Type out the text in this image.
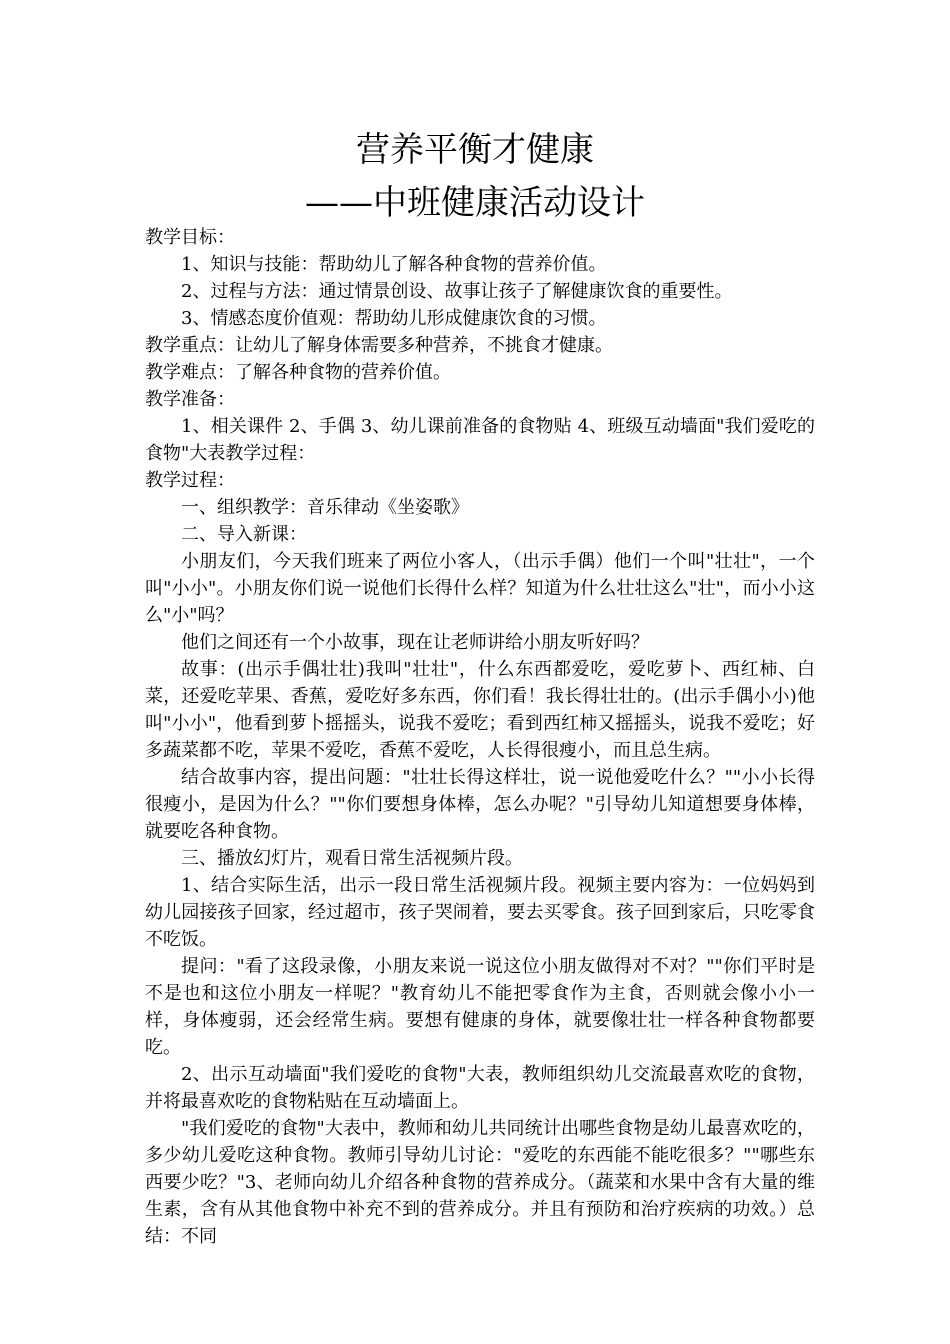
营养平衡才健康
——中班健康活动设计

教学目标：

1、知识与技能：帮助幼儿了解各种食物的营养价值。

2、过程与方法：通过情景创设、故事让孩子了解健康饮食的重要性。

3、情感态度价值观：帮助幼儿形成健康饮食的习惯。

教学重点：让幼儿了解身体需要多种营养，不挑食才健康。

教学难点：了解各种食物的营养价值。

教学准备：

1、相关课件 2、手偶 3、幼儿课前准备的食物贴 4、班级互动墙面"我们爱吃的食物"大表教学过程：

教学过程：

一、组织教学：音乐律动《坐姿歌》

二、导入新课：

小朋友们，今天我们班来了两位小客人，（出示手偶）他们一个叫"壮壮"，一个叫"小小"。小朋友你们说一说他们长得什么样？知道为什么壮壮这么"壮"，而小小这么"小"吗？

他们之间还有一个小故事，现在让老师讲给小朋友听好吗？

故事：(出示手偶壮壮)我叫"壮壮"，什么东西都爱吃，爱吃萝卜、西红柿、白菜，还爱吃苹果、香蕉，爱吃好多东西，你们看！我长得壮壮的。(出示手偶小小)他叫"小小"，他看到萝卜摇摇头，说我不爱吃；看到西红柿又摇摇头，说我不爱吃；好多蔬菜都不吃，苹果不爱吃，香蕉不爱吃，人长得很瘦小，而且总生病。

结合故事内容，提出问题："壮壮长得这样壮，说一说他爱吃什么？""小小长得很瘦小，是因为什么？""你们要想身体棒，怎么办呢？"引导幼儿知道想要身体棒，就要吃各种食物。

三、播放幻灯片，观看日常生活视频片段。

1、结合实际生活，出示一段日常生活视频片段。视频主要内容为：一位妈妈到幼儿园接孩子回家，经过超市，孩子哭闹着，要去买零食。孩子回到家后，只吃零食不吃饭。

提问："看了这段录像，小朋友来说一说这位小朋友做得对不对？""你们平时是不是也和这位小朋友一样呢？"教育幼儿不能把零食作为主食，否则就会像小小一样，身体瘦弱，还会经常生病。要想有健康的身体，就要像壮壮一样各种食物都要吃。

2、出示互动墙面"我们爱吃的食物"大表，教师组织幼儿交流最喜欢吃的食物，并将最喜欢吃的食物粘贴在互动墙面上。

"我们爱吃的食物"大表中，教师和幼儿共同统计出哪些食物是幼儿最喜欢吃的，多少幼儿爱吃这种食物。教师引导幼儿讨论："爱吃的东西能不能吃很多？""哪些东西要少吃？"3、老师向幼儿介绍各种食物的营养成分。（蔬菜和水果中含有大量的维生素，含有从其他食物中补充不到的营养成分。并且有预防和治疗疾病的功效。）总结：不同
